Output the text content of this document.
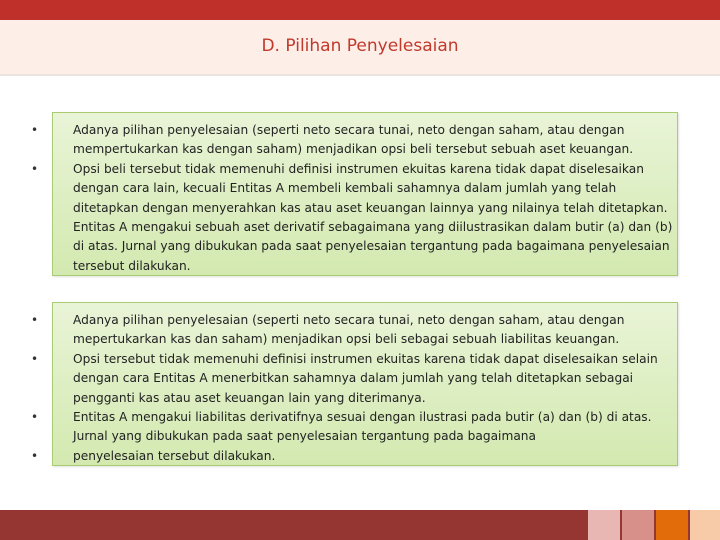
D. Pilihan Penyelesaian
•	Adanya pilihan penyelesaian (seperti neto secara tunai, neto dengan saham, atau dengan mempertukarkan kas dengan saham) menjadikan opsi beli tersebut sebuah aset keuangan.
•	Opsi beli tersebut tidak memenuhi definisi instrumen ekuitas karena tidak dapat diselesaikan dengan cara lain, kecuali Entitas A membeli kembali sahamnya dalam jumlah yang telah ditetapkan dengan menyerahkan kas atau aset keuangan lainnya yang nilainya telah ditetapkan. Entitas A mengakui sebuah aset derivatif sebagaimana yang diilustrasikan dalam butir (a) dan (b) di atas. Jurnal yang dibukukan pada saat penyelesaian tergantung pada bagaimana penyelesaian tersebut dilakukan.
•	Adanya pilihan penyelesaian (seperti neto secara tunai, neto dengan saham, atau dengan mepertukarkan kas dan saham) menjadikan opsi beli sebagai sebuah liabilitas keuangan.
•	Opsi tersebut tidak memenuhi definisi instrumen ekuitas karena tidak dapat diselesaikan selain dengan cara Entitas A menerbitkan sahamnya dalam jumlah yang telah ditetapkan sebagai pengganti kas atau aset keuangan lain yang diterimanya.
•	Entitas A mengakui liabilitas derivatifnya sesuai dengan ilustrasi pada butir (a) dan (b) di atas. Jurnal yang dibukukan pada saat penyelesaian tergantung pada bagaimana
•	penyelesaian tersebut dilakukan.
